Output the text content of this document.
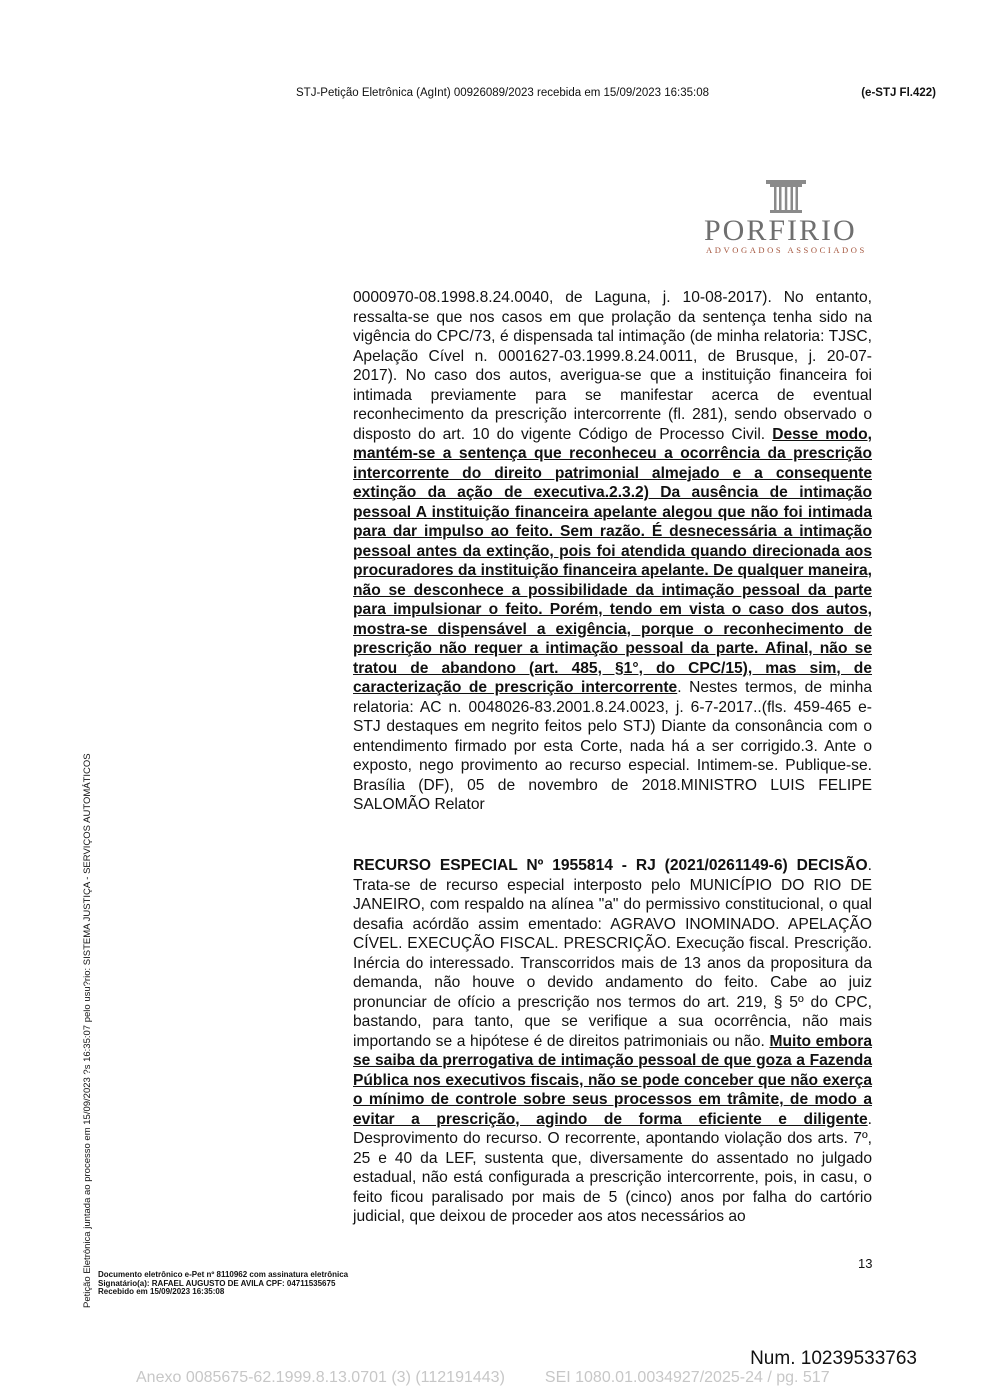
STJ-Petição Eletrônica (AgInt) 00926089/2023 recebida em 15/09/2023 16:35:08	(e-STJ Fl.422)
PORFIRIO
ADVOGADOS ASSOCIADOS

0000970-08.1998.8.24.0040, de Laguna, j. 10-08-2017). No entanto, ressalta-se que nos casos em que prolação da sentença tenha sido na vigência do CPC/73, é dispensada tal intimação (de minha relatoria: TJSC, Apelação Cível n. 0001627-03.1999.8.24.0011, de Brusque, j. 20-07-2017). No caso dos autos, averigua-se que a instituição financeira foi intimada previamente para se manifestar acerca de eventual reconhecimento da prescrição intercorrente (fl. 281), sendo observado o disposto do art. 10 do vigente Código de Processo Civil. Desse modo, mantém-se a sentença que reconheceu a ocorrência da prescrição intercorrente do direito patrimonial almejado e a consequente extinção da ação de executiva.2.3.2) Da ausência de intimação pessoal A instituição financeira apelante alegou que não foi intimada para dar impulso ao feito. Sem razão. É desnecessária a intimação pessoal antes da extinção, pois foi atendida quando direcionada aos procuradores da instituição financeira apelante. De qualquer maneira, não se desconhece a possibilidade da intimação pessoal da parte para impulsionar o feito. Porém, tendo em vista o caso dos autos, mostra-se dispensável a exigência, porque o reconhecimento de prescrição não requer a intimação pessoal da parte. Afinal, não se tratou de abandono (art. 485, §1°, do CPC/15), mas sim, de caracterização de prescrição intercorrente. Nestes termos, de minha relatoria: AC n. 0048026-83.2001.8.24.0023, j. 6-7-2017..(fls. 459-465 e-STJ destaques em negrito feitos pelo STJ) Diante da consonância com o entendimento firmado por esta Corte, nada há a ser corrigido.3. Ante o exposto, nego provimento ao recurso especial. Intimem-se. Publique-se. Brasília (DF), 05 de novembro de 2018.MINISTRO LUIS FELIPE SALOMÃO Relator

RECURSO ESPECIAL Nº 1955814 - RJ (2021/0261149-6) DECISÃO. Trata-se de recurso especial interposto pelo MUNICÍPIO DO RIO DE JANEIRO, com respaldo na alínea "a" do permissivo constitucional, o qual desafia acórdão assim ementado: AGRAVO INOMINADO. APELAÇÃO CÍVEL. EXECUÇÃO FISCAL. PRESCRIÇÃO. Execução fiscal. Prescrição. Inércia do interessado. Transcorridos mais de 13 anos da propositura da demanda, não houve o devido andamento do feito. Cabe ao juiz pronunciar de ofício a prescrição nos termos do art. 219, § 5º do CPC, bastando, para tanto, que se verifique a sua ocorrência, não mais importando se a hipótese é de direitos patrimoniais ou não. Muito embora se saiba da prerrogativa de intimação pessoal de que goza a Fazenda Pública nos executivos fiscais, não se pode conceber que não exerça o mínimo de controle sobre seus processos em trâmite, de modo a evitar a prescrição, agindo de forma eficiente e diligente. Desprovimento do recurso. O recorrente, apontando violação dos arts. 7º, 25 e 40 da LEF, sustenta que, diversamente do assentado no julgado estadual, não está configurada a prescrição intercorrente, pois, in casu, o feito ficou paralisado por mais de 5 (cinco) anos por falha do cartório judicial, que deixou de proceder aos atos necessários ao

13
Documento eletrônico e-Pet nº 8110962 com assinatura eletrônica
Signatário(a): RAFAEL AUGUSTO DE AVILA CPF: 04711535675
Recebido em 15/09/2023 16:35:08
Petição Eletrônica juntada ao processo em 15/09/2023 ?s 16:35:07 pelo usu?rio: SISTEMA JUSTIÇA - SERVIÇOS AUTOMÁTICOS
Num. 10239533763
Anexo 0085675-62.1999.8.13.0701 (3) (112191443)         SEI 1080.01.0034927/2025-24 / pg. 517
